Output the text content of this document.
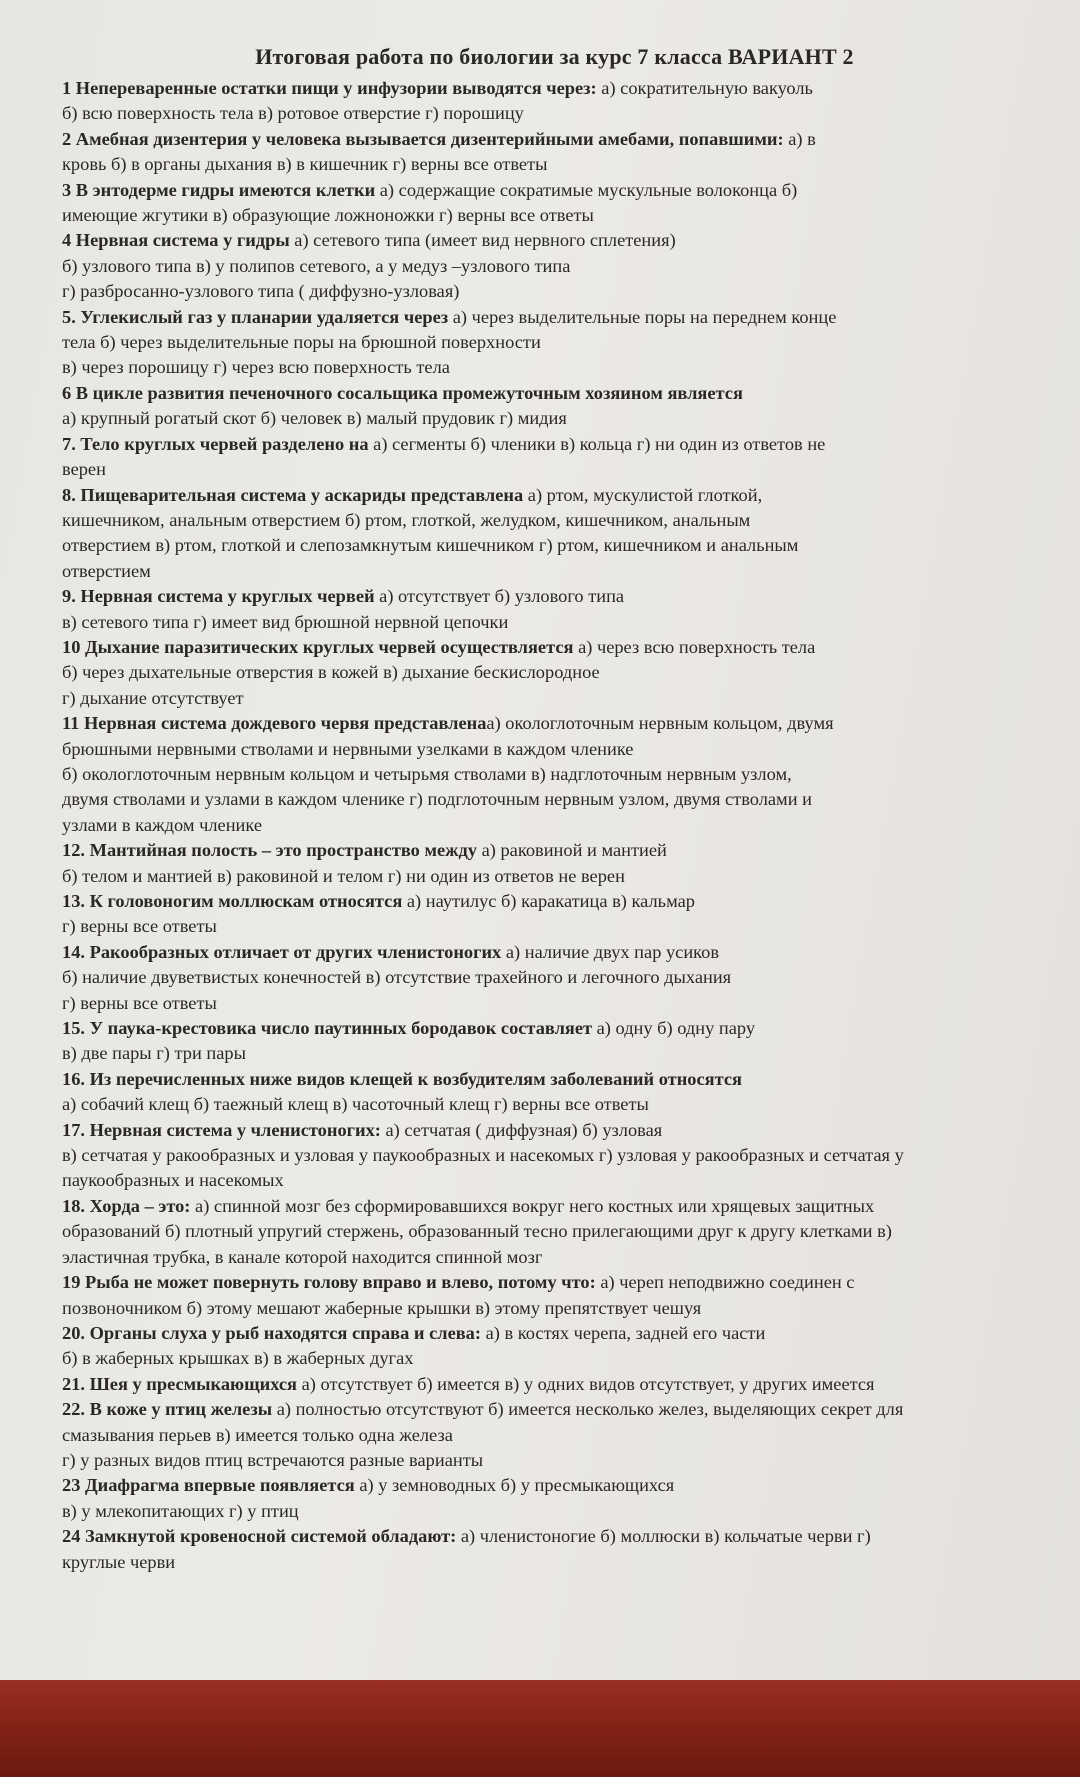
Итоговая работа по биологии за курс 7 класса ВАРИАНТ 2
1 Непереваренные остатки пищи у инфузории выводятся через: а) сократительную вакуоль
б) всю поверхность тела в) ротовое отверстие г) порошицу
2 Амебная дизентерия у человека вызывается дизентерийными амебами, попавшими: а) в
кровь б) в органы дыхания в) в кишечник г) верны все ответы
3 В энтодерме гидры имеются клетки а) содержащие сократимые мускульные волоконца б)
имеющие жгутики в) образующие ложноножки г) верны все ответы
4 Нервная система у гидры а) сетевого типа (имеет вид нервного сплетения)
б) узлового типа в) у полипов сетевого, а у медуз –узлового типа
г) разбросанно-узлового типа ( диффузно-узловая)
5. Углекислый газ у планарии удаляется через а) через выделительные поры на переднем конце
тела б) через выделительные поры на брюшной поверхности
в) через порошицу г) через всю поверхность тела
6 В цикле развития печеночного сосальщика промежуточным хозяином является
а) крупный рогатый скот б) человек в) малый прудовик г) мидия
7. Тело круглых червей разделено на а) сегменты б) членики в) кольца г) ни один из ответов не
верен
8. Пищеварительная система у аскариды представлена а) ртом, мускулистой глоткой,
кишечником, анальным отверстием б) ртом, глоткой, желудком, кишечником, анальным
отверстием в) ртом, глоткой и слепозамкнутым кишечником г) ртом, кишечником и анальным
отверстием
9. Нервная система у круглых червей а) отсутствует б) узлового типа
в) сетевого типа г) имеет вид брюшной нервной цепочки
10 Дыхание паразитических круглых червей осуществляется а) через всю поверхность тела
б) через дыхательные отверстия в кожей в) дыхание бескислородное
г) дыхание отсутствует
11 Нервная система дождевого червя представленаа) окологлоточным нервным кольцом, двумя
брюшными нервными стволами и нервными узелками в каждом членике
б) окологлоточным нервным кольцом и четырьмя стволами в) надглоточным нервным узлом,
двумя стволами и узлами в каждом членике г) подглоточным нервным узлом, двумя стволами и
узлами в каждом членике
12. Мантийная полость – это пространство между а) раковиной и мантией
б) телом и мантией в) раковиной и телом г) ни один из ответов не верен
13. К головоногим моллюскам относятся а) наутилус б) каракатица в) кальмар
г) верны все ответы
14. Ракообразных отличает от других членистоногих а) наличие двух пар усиков
б) наличие двуветвистых конечностей в) отсутствие трахейного и легочного дыхания
г) верны все ответы
15. У паука-крестовика число паутинных бородавок составляет а) одну б) одну пару
в) две пары г) три пары
16. Из перечисленных ниже видов клещей к возбудителям заболеваний относятся
а) собачий клещ б) таежный клещ в) часоточный клещ г) верны все ответы
17. Нервная система у членистоногих: а) сетчатая ( диффузная) б) узловая
в) сетчатая у ракообразных и узловая у паукообразных и насекомых г) узловая у ракообразных и сетчатая у
паукообразных и насекомых
18. Хорда – это: а) спинной мозг без сформировавшихся вокруг него костных или хрящевых защитных
образований б) плотный упругий стержень, образованный тесно прилегающими друг к другу клетками в)
эластичная трубка, в канале которой находится спинной мозг
19 Рыба не может повернуть голову вправо и влево, потому что: а) череп неподвижно соединен с
позвоночником б) этому мешают жаберные крышки в) этому препятствует чешуя
20. Органы слуха у рыб находятся справа и слева: а) в костях черепа, задней его части
б) в жаберных крышках в) в жаберных дугах
21. Шея у пресмыкающихся а) отсутствует б) имеется в) у одних видов отсутствует, у других имеется
22. В коже у птиц железы а) полностью отсутствуют б) имеется несколько желез, выделяющих секрет для
смазывания перьев в) имеется только одна железа
г) у разных видов птиц встречаются разные варианты
23 Диафрагма впервые появляется а) у земноводных б) у пресмыкающихся
в) у млекопитающих г) у птиц
24 Замкнутой кровеносной системой обладают: а) членистоногие б) моллюски в) кольчатые черви г)
круглые черви
